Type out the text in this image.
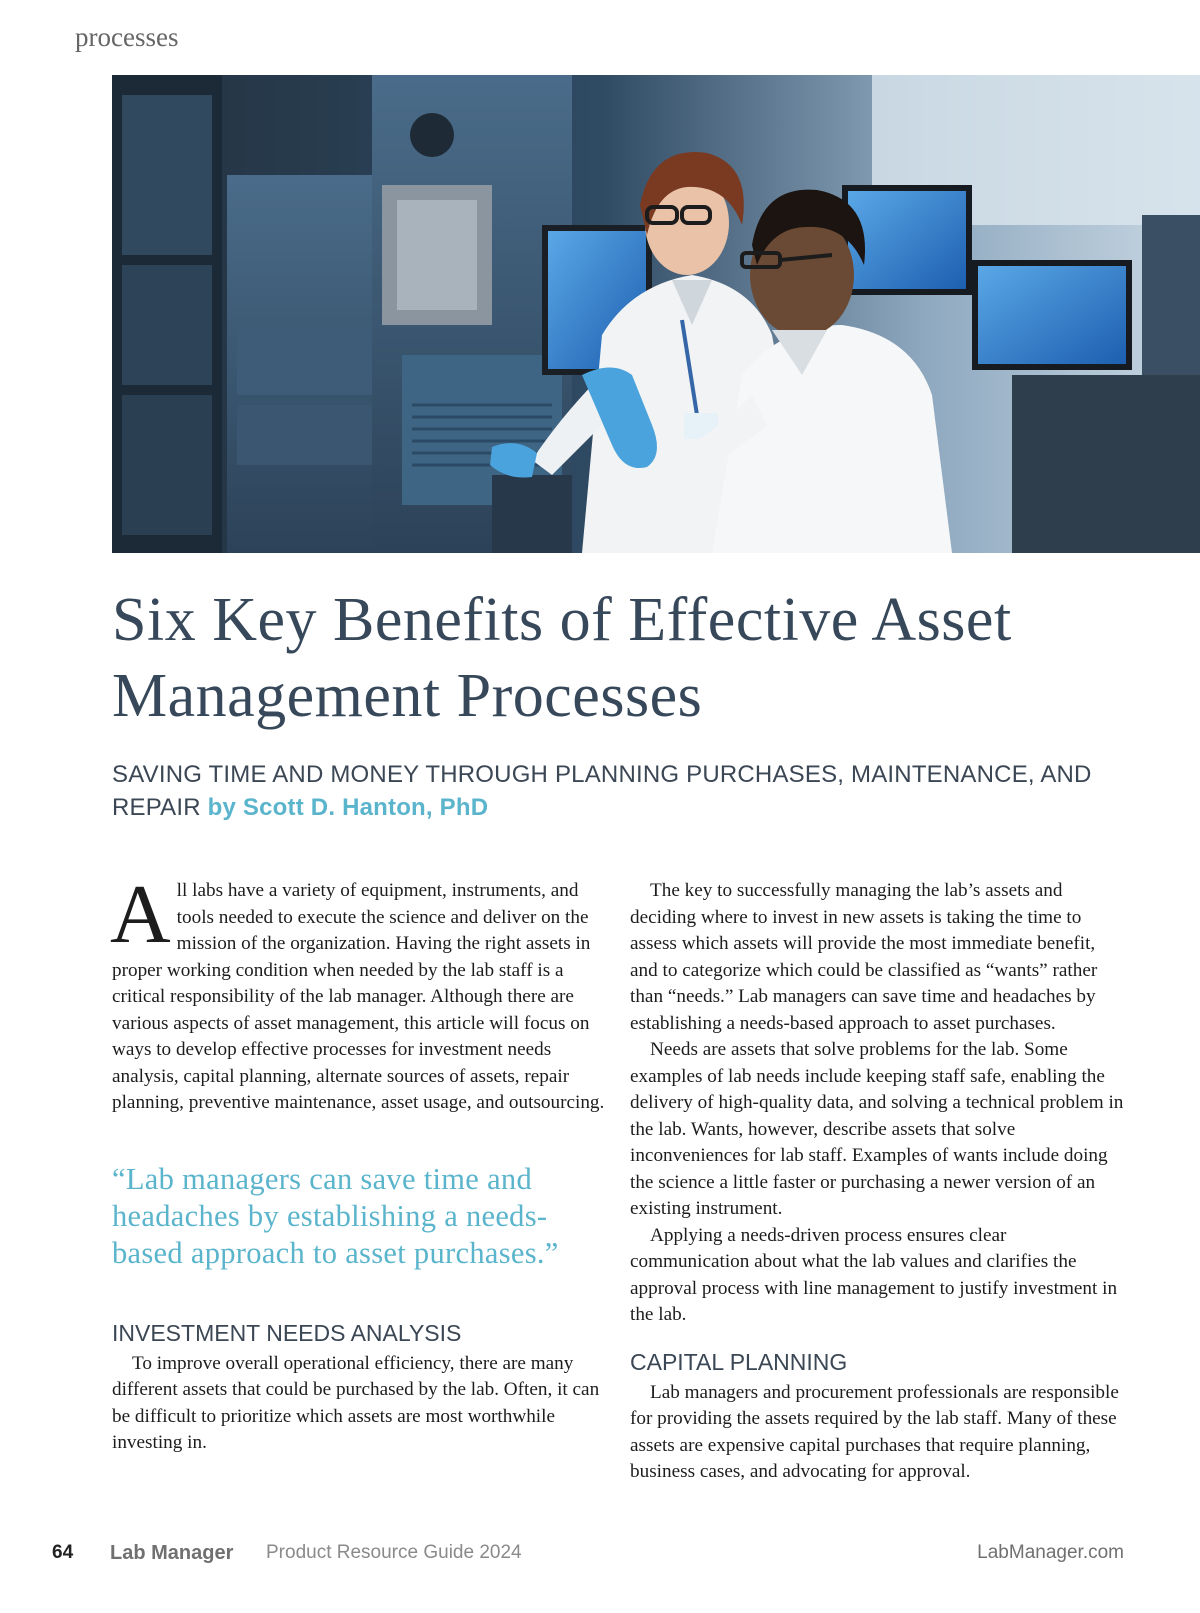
processes
Six Key Benefits of Effective Asset
Management Processes

SAVING TIME AND MONEY THROUGH PLANNING PURCHASES, MAINTENANCE, AND REPAIR by Scott D. Hanton, PhD

All labs have a variety of equipment, instruments, and tools needed to execute the science and deliver on the mission of the organization. Having the right assets in proper working condition when needed by the lab staff is a critical responsibility of the lab manager. Although there are various aspects of asset management, this article will focus on ways to develop effective processes for investment needs analysis, capital planning, alternate sources of assets, repair planning, preventive maintenance, asset usage, and outsourcing.

“Lab managers can save time and headaches by establishing a needs-based approach to asset purchases.”
INVESTMENT NEEDS ANALYSIS

To improve overall operational efficiency, there are many different assets that could be purchased by the lab. Often, it can be difficult to prioritize which assets are most worthwhile investing in.

The key to successfully managing the lab’s assets and deciding where to invest in new assets is taking the time to assess which assets will provide the most immediate benefit, and to categorize which could be classified as “wants” rather than “needs.” Lab managers can save time and headaches by establishing a needs-based approach to asset purchases.

Needs are assets that solve problems for the lab. Some examples of lab needs include keeping staff safe, enabling the delivery of high-quality data, and solving a technical problem in the lab. Wants, however, describe assets that solve inconveniences for lab staff. Examples of wants include doing the science a little faster or purchasing a newer version of an existing instrument.

Applying a needs-driven process ensures clear communication about what the lab values and clarifies the approval process with line management to justify investment in the lab.

CAPITAL PLANNING

Lab managers and procurement professionals are responsible for providing the assets required by the lab staff. Many of these assets are expensive capital purchases that require planning, business cases, and advocating for approval.

64 Lab Manager Product Resource Guide 2024	LabManager.com
